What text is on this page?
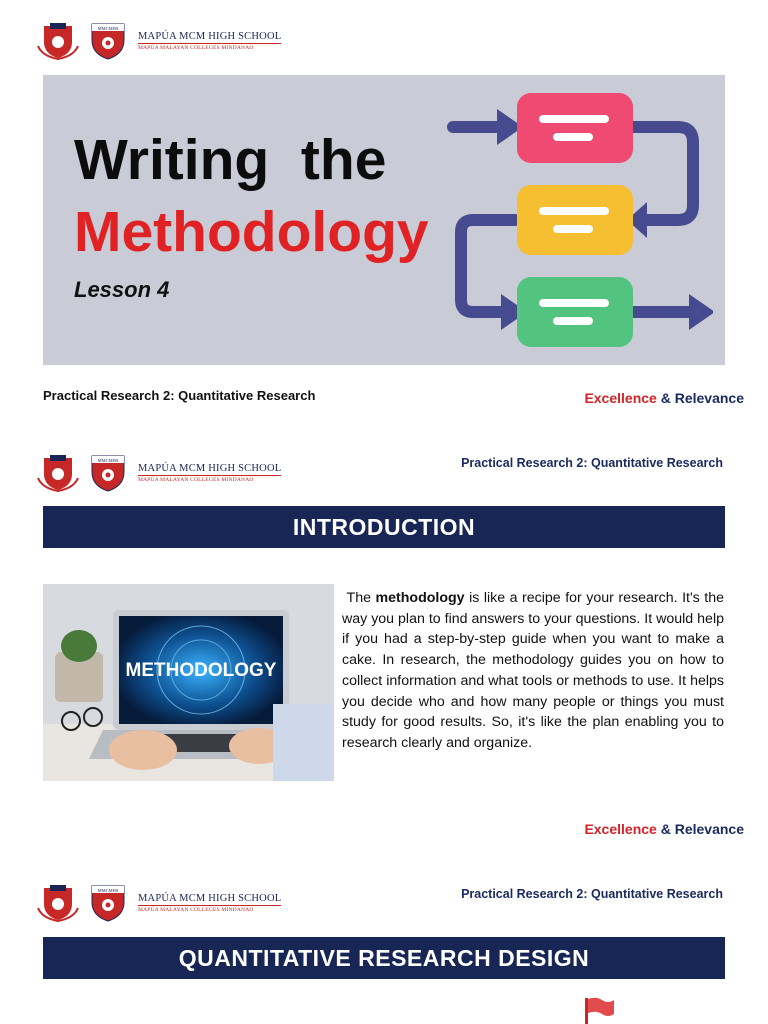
MMCMHS
MAPÚA MCM HIGH SCHOOL
MAPÚA MALAYAN COLLEGES MINDANAO
Writing  the
Methodology
Lesson 4
Practical Research 2: Quantitative Research	Excellence & Relevance
MMCMHS
MAPÚA MCM HIGH SCHOOL
MAPÚA MALAYAN COLLEGES MINDANAO
Practical Research 2: Quantitative Research
INTRODUCTION
METHODOLOGY
The methodology is like a recipe for your research. It's the way you plan to find answers to your questions. It would help if you had a step-by-step guide when you want to make a cake. In research, the methodology guides you on how to collect information and what tools or methods to use. It helps you decide who and how many people or things you must study for good results. So, it's like the plan enabling you to research clearly and organize.
Excellence & Relevance
MMCMHS
MAPÚA MCM HIGH SCHOOL
MAPÚA MALAYAN COLLEGES MINDANAO
Practical Research 2: Quantitative Research
QUANTITATIVE RESEARCH DESIGN
